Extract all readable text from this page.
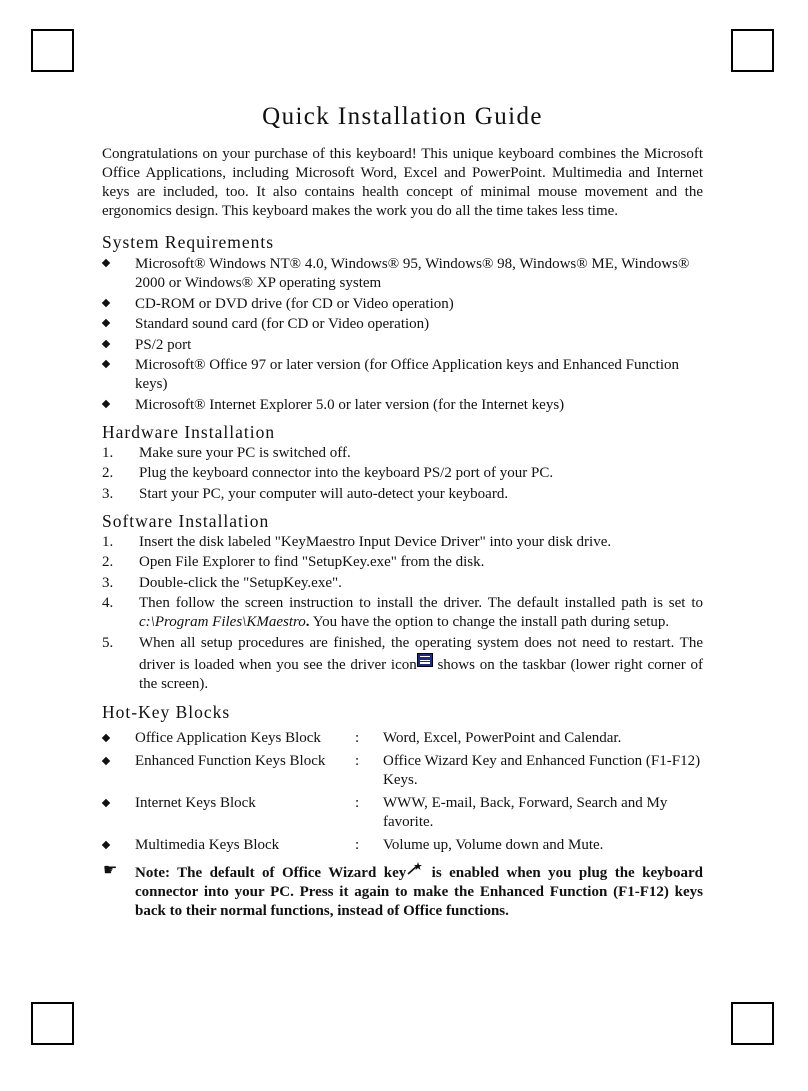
Quick Installation Guide

Congratulations on your purchase of this keyboard! This unique keyboard combines the Microsoft Office Applications, including Microsoft Word, Excel and PowerPoint. Multimedia and Internet keys are included, too. It also contains health concept of minimal mouse movement and the ergonomics design. This keyboard makes the work you do all the time takes less time.

System Requirements
Microsoft® Windows NT® 4.0, Windows® 95, Windows® 98, Windows® ME, Windows® 2000 or Windows® XP operating system
CD-ROM or DVD drive (for CD or Video operation)
Standard sound card (for CD or Video operation)
PS/2 port
Microsoft® Office 97 or later version (for Office Application keys and Enhanced Function keys)
Microsoft® Internet Explorer 5.0 or later version (for the Internet keys)
Hardware Installation
1. Make sure your PC is switched off.
2. Plug the keyboard connector into the keyboard PS/2 port of your PC.
3. Start your PC, your computer will auto-detect your keyboard.
Software Installation
1. Insert the disk labeled "KeyMaestro Input Device Driver" into your disk drive.
2. Open File Explorer to find "SetupKey.exe" from the disk.
3. Double-click the "SetupKey.exe".
4. Then follow the screen instruction to install the driver. The default installed path is set to c:\Program Files\KMaestro. You have the option to change the install path during setup.
5. When all setup procedures are finished, the operating system does not need to restart. The driver is loaded when you see the driver icon shows on the taskbar (lower right corner of the screen).
Hot-Key Blocks
Office Application Keys Block	:	Word, Excel, PowerPoint and Calendar.
Enhanced Function Keys Block	:	Office Wizard Key and Enhanced Function (F1-F12) Keys.
Internet Keys Block	:	WWW, E-mail, Back, Forward, Search and My favorite.
Multimedia Keys Block	:	Volume up, Volume down and Mute.
☛ Note: The default of Office Wizard key is enabled when you plug the keyboard connector into your PC. Press it again to make the Enhanced Function (F1-F12) keys back to their normal functions, instead of Office functions.
